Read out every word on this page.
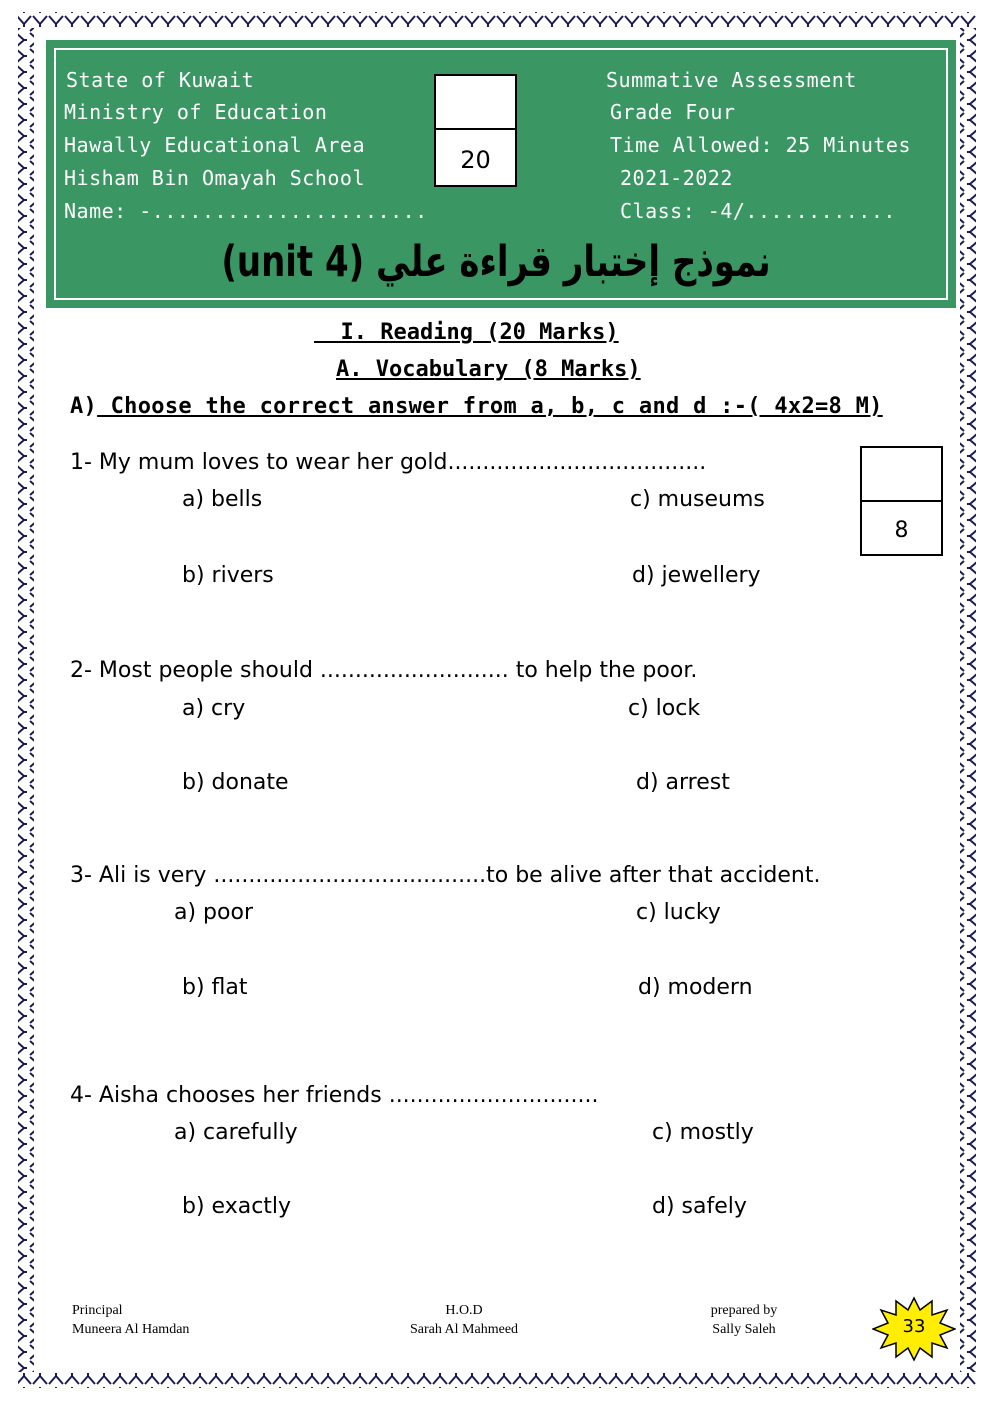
State of Kuwait
Ministry of Education
Hawally Educational Area
Hisham Bin Omayah School
Name: -......................
Summative Assessment
Grade Four
Time Allowed: 25 Minutes
2021-2022
Class: -4/............
20
نموذج إختبار قراءة علي (unit 4)
I. Reading (20 Marks)
A. Vocabulary (8 Marks)
A) Choose the correct answer from a, b, c and d :-( 4x2=8 M)
8
1- My mum loves to wear her gold.....................................
a) bells	c) museums
b) rivers	d) jewellery
2- Most people should ........................... to help the poor.
a) cry	c) lock
b) donate	d) arrest
3- Ali is very .......................................to be alive after that accident.
a) poor	c) lucky
b) flat	d) modern
4- Aisha chooses her friends ..............................
a) carefully	c) mostly
b) exactly	d) safely
Principal
Muneera Al Hamdan
H.O.D
Sarah Al Mahmeed
prepared by
Sally Saleh	33
